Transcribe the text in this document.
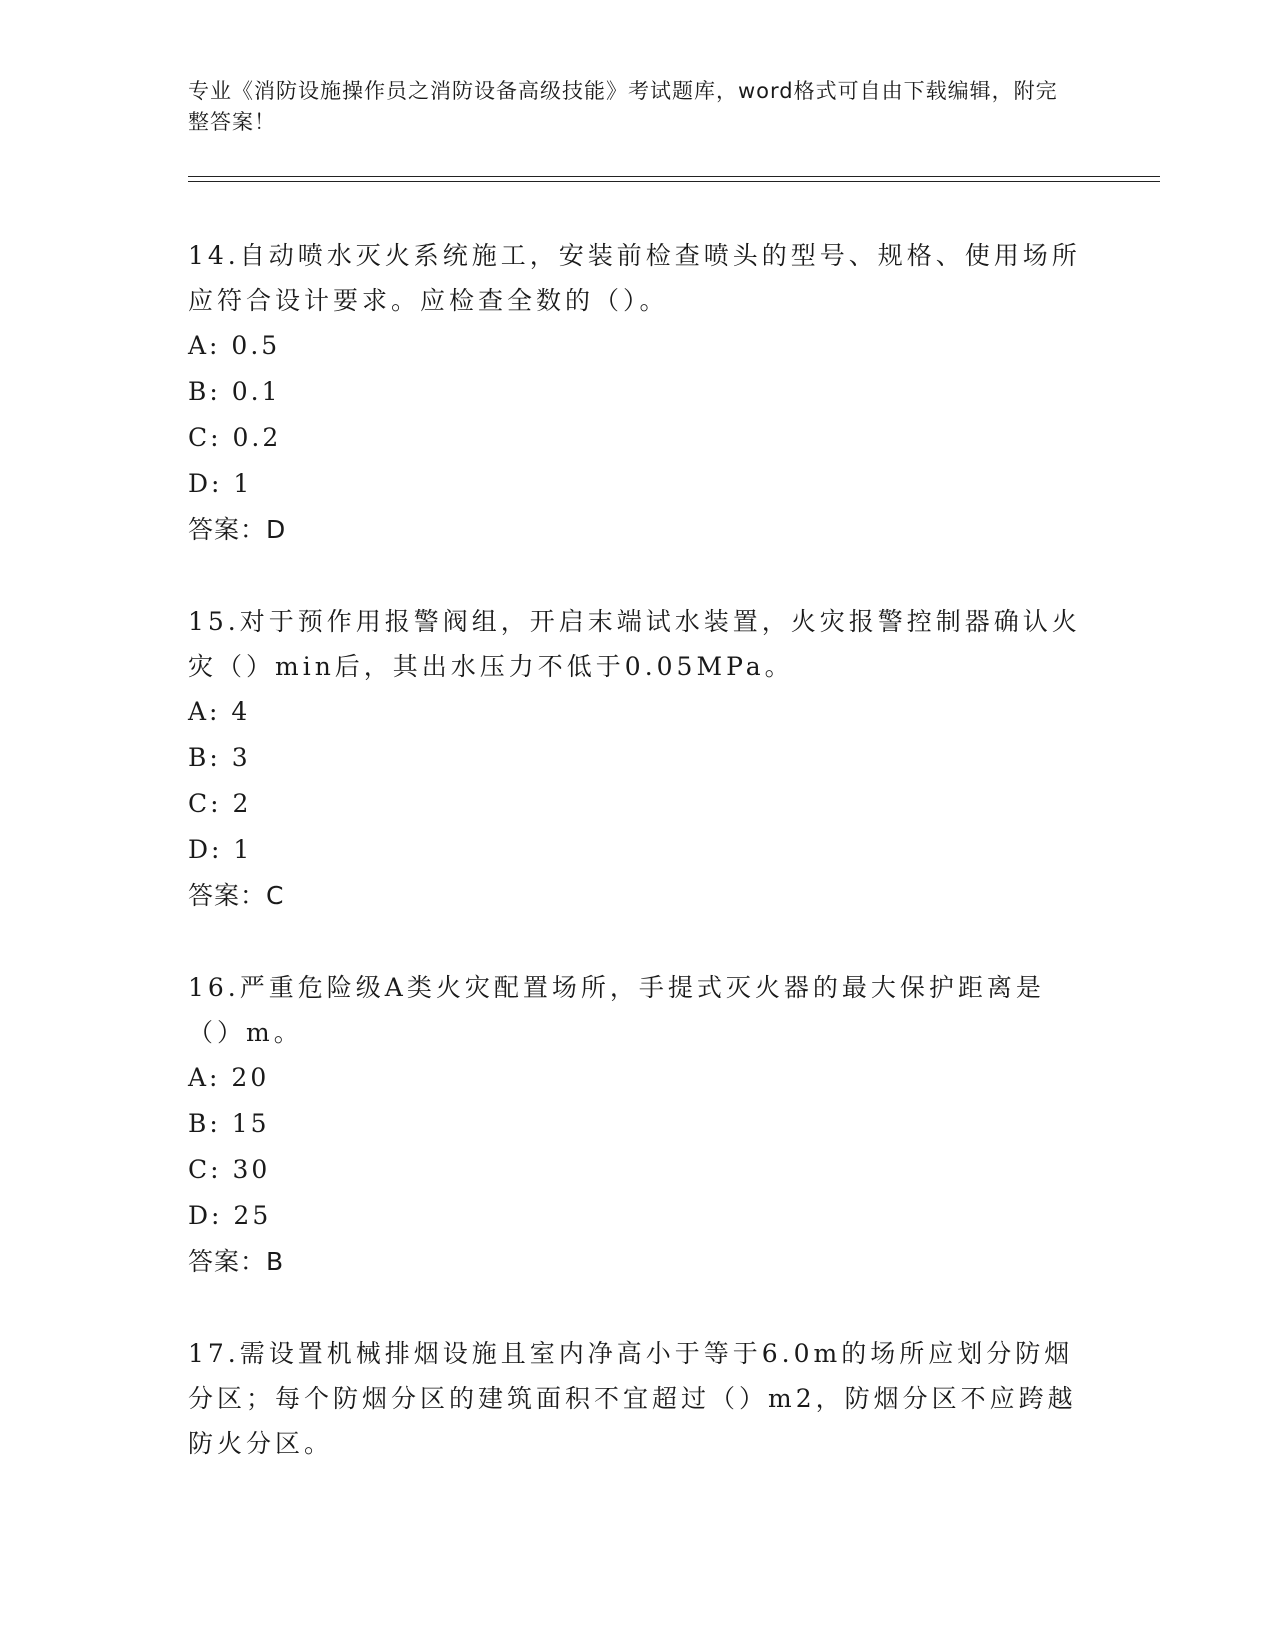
专业《消防设施操作员之消防设备高级技能》考试题库，word格式可自由下载编辑，附完整答案！

14.自动喷水灭火系统施工，安装前检查喷头的型号、规格、使用场所应符合设计要求。应检查全数的（）。

A: 0.5

B: 0.1

C: 0.2

D: 1

答案：D

15.对于预作用报警阀组，开启末端试水装置，火灾报警控制器确认火灾（）min后，其出水压力不低于0.05MPa。

A: 4

B: 3

C: 2

D: 1

答案：C

16.严重危险级A类火灾配置场所，手提式灭火器的最大保护距离是（）m。

A: 20

B: 15

C: 30

D: 25

答案：B

17.需设置机械排烟设施且室内净高小于等于6.0m的场所应划分防烟分区；每个防烟分区的建筑面积不宜超过（）m2，防烟分区不应跨越防火分区。
